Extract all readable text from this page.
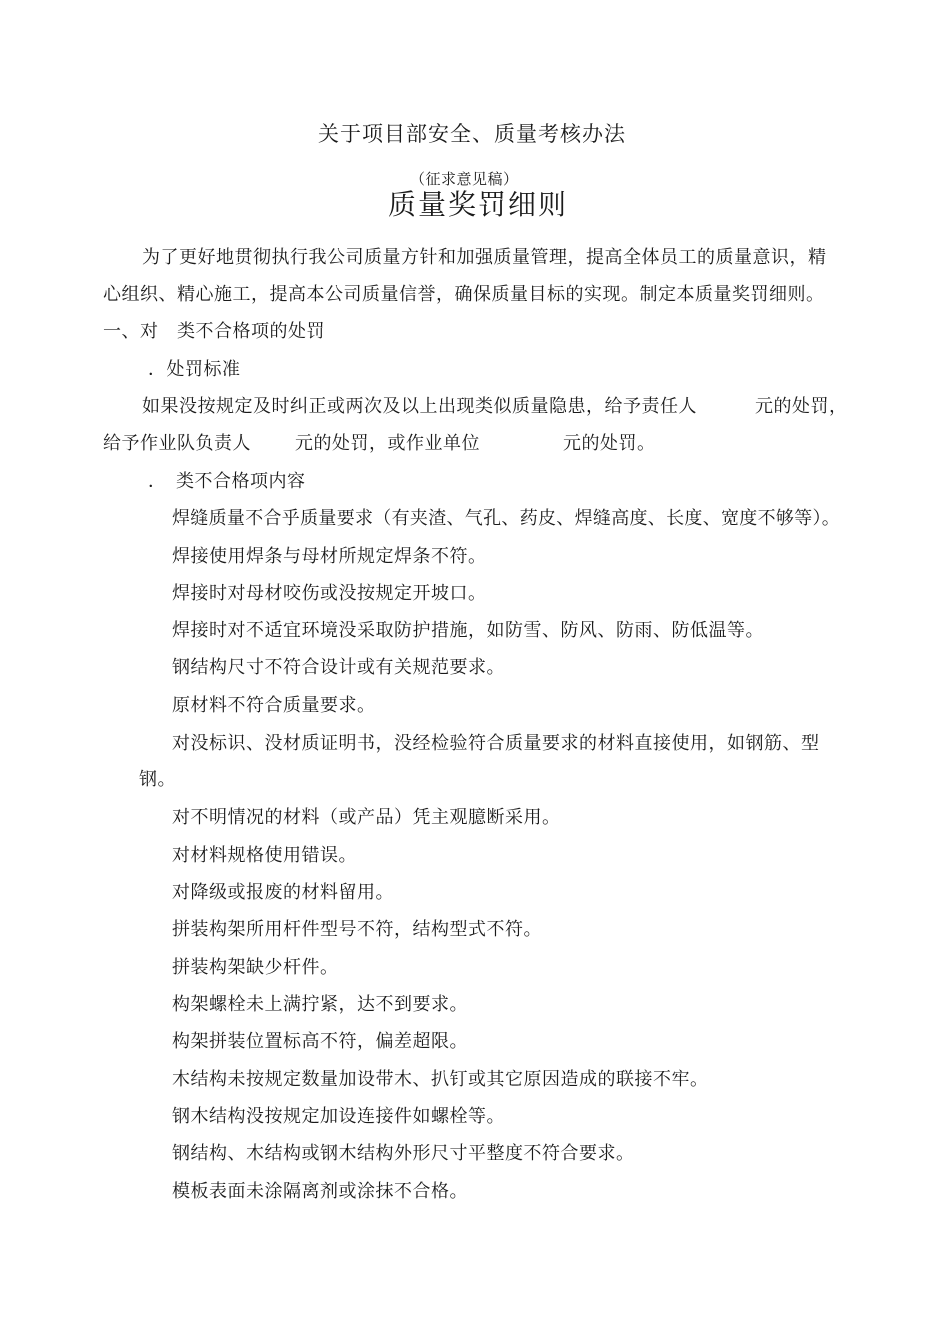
关于项目部安全、质量考核办法
（征求意见稿）
质量奖罚细则
为了更好地贯彻执行我公司质量方针和加强质量管理，提高全体员工的质量意识，精
心组织、精心施工，提高本公司质量信誉，确保质量目标的实现。制定本质量奖罚细则。
一、对　类不合格项的处罚
．处罚标准
如果没按规定及时纠正或两次及以上出现类似质量隐患，给予责任人	元的处罚，
给予作业队负责人 元的处罚，或作业单位	元的处罚。
．　类不合格项内容
焊缝质量不合乎质量要求（有夹渣、气孔、药皮、焊缝高度、长度、宽度不够等）。
焊接使用焊条与母材所规定焊条不符。
焊接时对母材咬伤或没按规定开坡口。
焊接时对不适宜环境没采取防护措施，如防雪、防风、防雨、防低温等。
钢结构尺寸不符合设计或有关规范要求。
原材料不符合质量要求。
对没标识、没材质证明书，没经检验符合质量要求的材料直接使用，如钢筋、型
钢。
对不明情况的材料（或产品）凭主观臆断采用。
对材料规格使用错误。
对降级或报废的材料留用。
拼装构架所用杆件型号不符，结构型式不符。
拼装构架缺少杆件。
构架螺栓未上满拧紧，达不到要求。
构架拼装位置标高不符，偏差超限。
木结构未按规定数量加设带木、扒钉或其它原因造成的联接不牢。
钢木结构没按规定加设连接件如螺栓等。
钢结构、木结构或钢木结构外形尺寸平整度不符合要求。
模板表面未涂隔离剂或涂抹不合格。
